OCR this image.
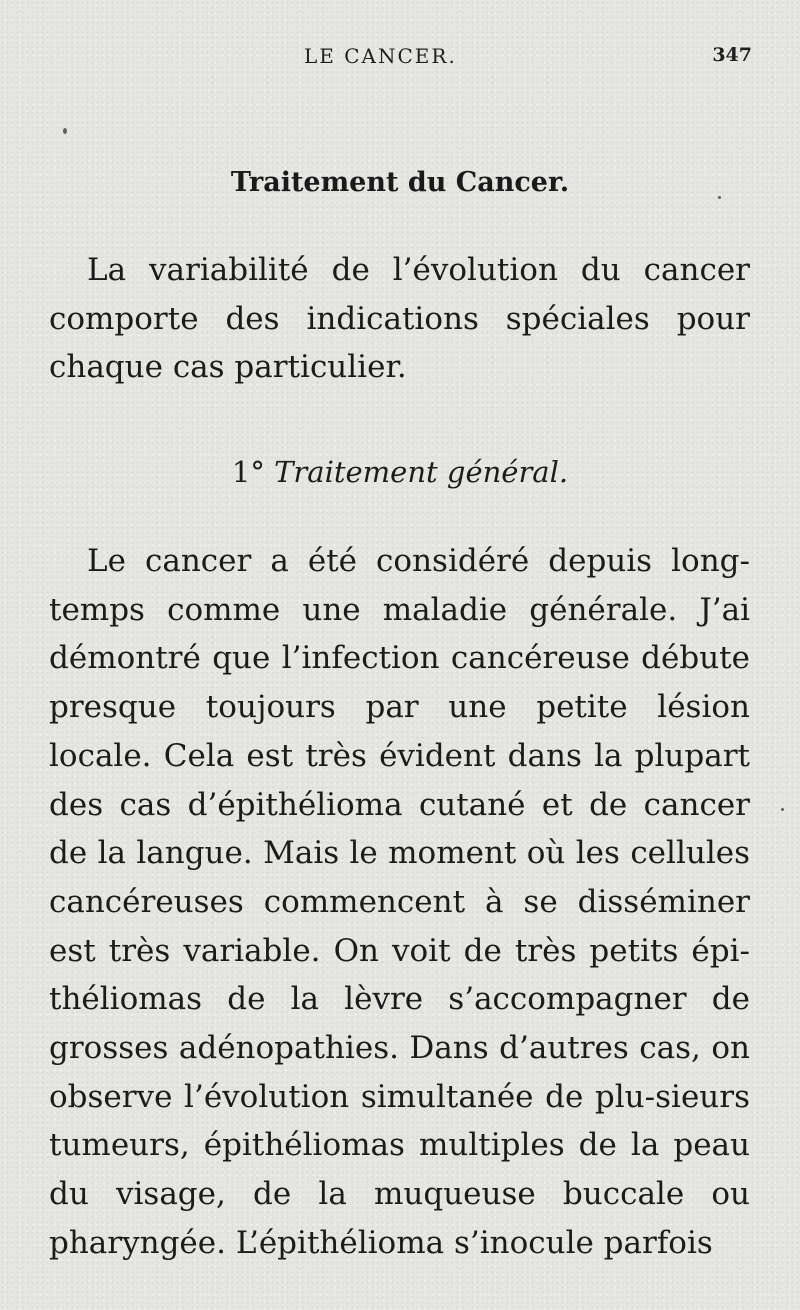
LE CANCER.	347
Traitement du Cancer.

La variabilité de l’évolution du cancer comporte des indications spéciales pour chaque cas particulier.

1° Traitement général.

Le cancer a été considéré depuis long-temps comme une maladie générale. J’ai démontré que l’infection cancéreuse débute presque toujours par une petite lésion locale. Cela est très évident dans la plupart des cas d’épithélioma cutané et de cancer de la langue. Mais le moment où les cellules cancéreuses commencent à se disséminer est très variable. On voit de très petits épi-théliomas de la lèvre s’accompagner de grosses adénopathies. Dans d’autres cas, on observe l’évolution simultanée de plu-sieurs tumeurs, épithéliomas multiples de la peau du visage, de la muqueuse buccale ou pharyngée. L’épithélioma s’inocule parfois
